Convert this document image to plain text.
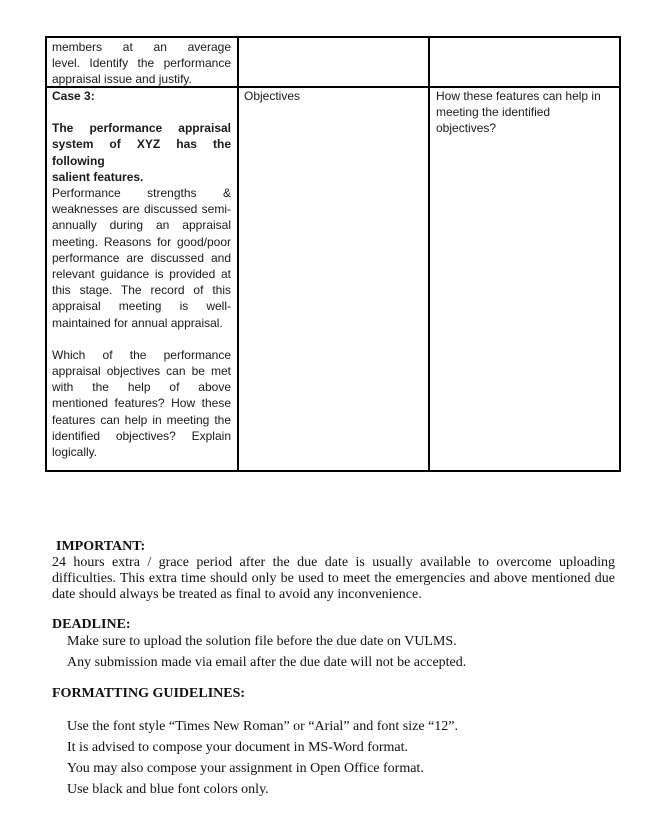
members at an average
level. Identify the performance
appraisal issue and justify.
Case 3:

The performance appraisal
system of XYZ has the following
salient features.
Performance strengths &
weaknesses are discussed semi-
annually during an appraisal
meeting. Reasons for good/poor
performance are discussed and
relevant guidance is provided at
this stage. The record of this
appraisal meeting is well-
maintained for annual appraisal.

Which of the performance
appraisal objectives can be met
with the help of above
mentioned features? How these
features can help in meeting the
identified objectives? Explain
logically.
Objectives	How these features can help in
meeting the identified
objectives?
IMPORTANT:

24 hours extra / grace period after the due date is usually available to overcome uploading difficulties. This extra time should only be used to meet the emergencies and above mentioned due date should always be treated as final to avoid any inconvenience.

DEADLINE:
Make sure to upload the solution file before the due date on VULMS.
Any submission made via email after the due date will not be accepted.
FORMATTING GUIDELINES:
Use the font style “Times New Roman” or “Arial” and font size “12”.
It is advised to compose your document in MS-Word format.
You may also compose your assignment in Open Office format.
Use black and blue font colors only.
